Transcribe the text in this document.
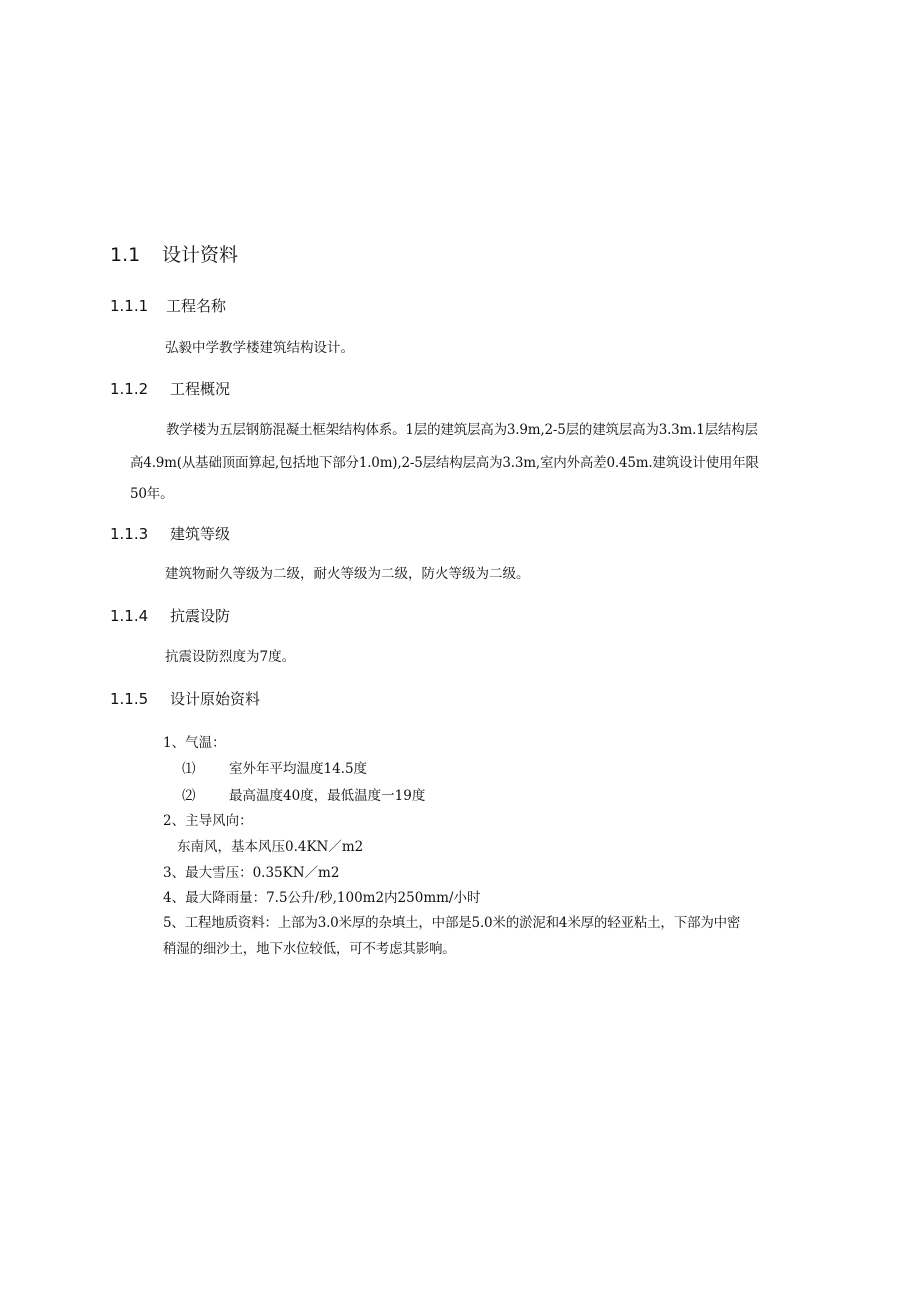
1.1 设计资料
1.1.1 工程名称
弘毅中学教学楼建筑结构设计。
1.1.2 工程概况
教学楼为五层钢筋混凝土框架结构体系。1层的建筑层高为3.9m,2-5层的建筑层高为3.3m.1层结构层
高4.9m(从基础顶面算起,包括地下部分1.0m),2-5层结构层高为3.3m,室内外高差0.45m.建筑设计使用年限
50年。
1.1.3 建筑等级
建筑物耐久等级为二级，耐火等级为二级，防火等级为二级。
1.1.4 抗震设防
抗震设防烈度为7度。
1.1.5 设计原始资料
1、气温：
⑴ 室外年平均温度14.5度
⑵ 最高温度40度，最低温度一19度
2、主导风向：
东南风，基本风压0.4KN／m2
3、最大雪压：0.35KN／m2
4、最大降雨量：7.5公升/秒,100m2内250mm/小时
5、工程地质资料：上部为3.0米厚的杂填土，中部是5.0米的淤泥和4米厚的轻亚粘土，下部为中密
稍湿的细沙土，地下水位较低，可不考虑其影响。
